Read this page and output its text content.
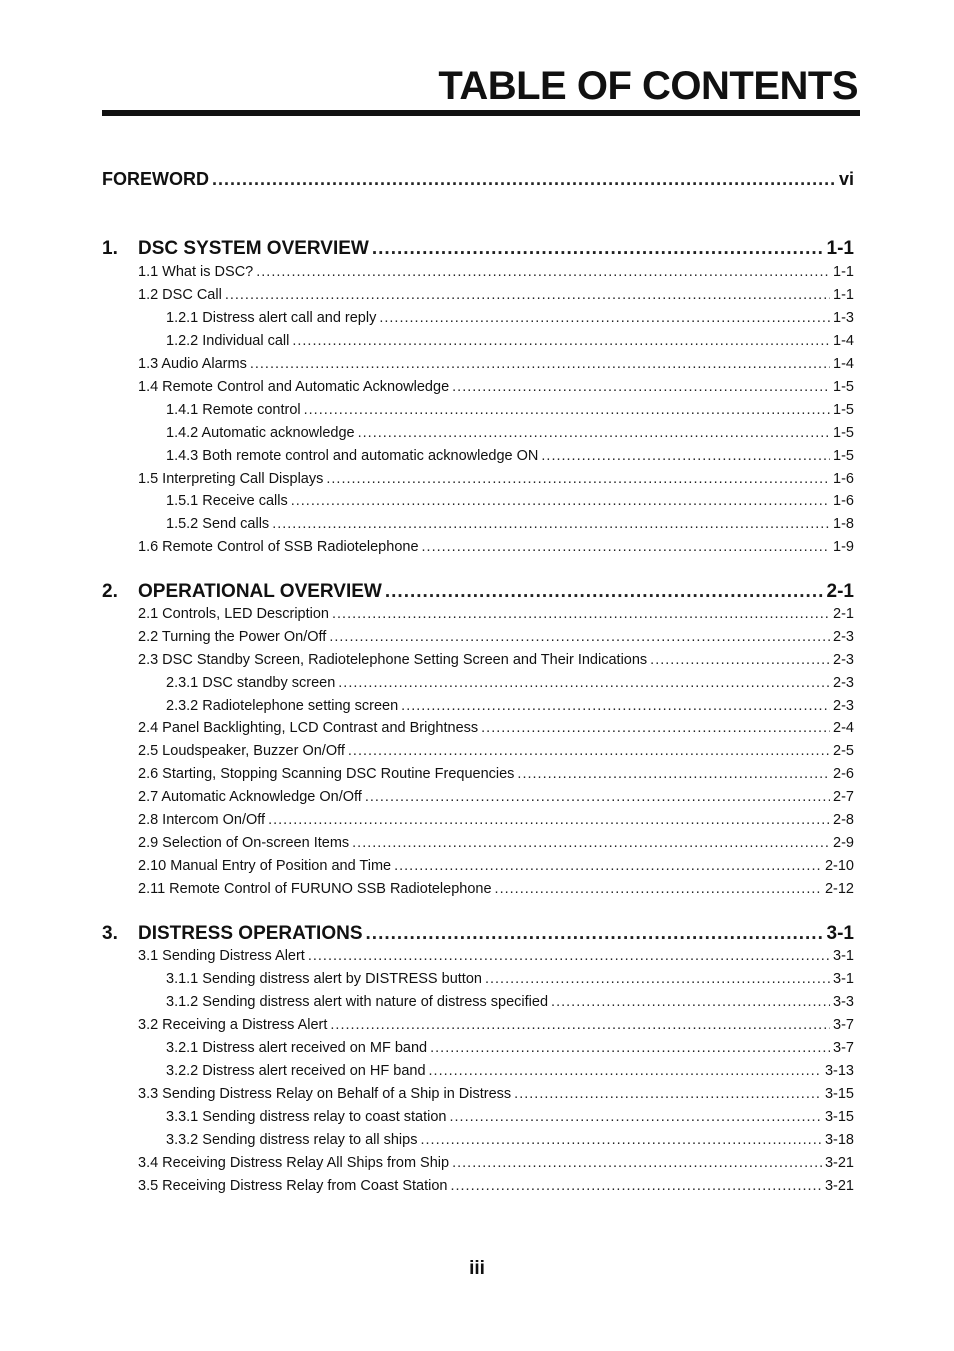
TABLE OF CONTENTS
FOREWORD .....	vi
1.	DSC SYSTEM OVERVIEW .....	1-1
1.1 What is DSC? .....	1-1
1.2 DSC Call .....	1-1
1.2.1 Distress alert call and reply .....	1-3
1.2.2 Individual call .....	1-4
1.3 Audio Alarms .....	1-4
1.4 Remote Control and Automatic Acknowledge .....	1-5
1.4.1 Remote control .....	1-5
1.4.2 Automatic acknowledge .....	1-5
1.4.3 Both remote control and automatic acknowledge ON .....	1-5
1.5 Interpreting Call Displays .....	1-6
1.5.1 Receive calls .....	1-6
1.5.2 Send calls .....	1-8
1.6 Remote Control of SSB Radiotelephone .....	1-9
2.	OPERATIONAL OVERVIEW .....	2-1
2.1 Controls, LED Description .....	2-1
2.2 Turning the Power On/Off .....	2-3
2.3 DSC Standby Screen, Radiotelephone Setting Screen and Their Indications .....	2-3
2.3.1 DSC standby screen .....	2-3
2.3.2 Radiotelephone setting screen .....	2-3
2.4 Panel Backlighting, LCD Contrast and Brightness .....	2-4
2.5 Loudspeaker, Buzzer On/Off .....	2-5
2.6 Starting, Stopping Scanning DSC Routine Frequencies .....	2-6
2.7 Automatic Acknowledge On/Off .....	2-7
2.8 Intercom On/Off .....	2-8
2.9 Selection of On-screen Items .....	2-9
2.10 Manual Entry of Position and Time .....	2-10
2.11 Remote Control of FURUNO SSB Radiotelephone .....	2-12
3.	DISTRESS OPERATIONS .....	3-1
3.1 Sending Distress Alert .....	3-1
3.1.1 Sending distress alert by DISTRESS button .....	3-1
3.1.2 Sending distress alert with nature of distress specified .....	3-3
3.2 Receiving a Distress Alert .....	3-7
3.2.1 Distress alert received on MF band .....	3-7
3.2.2 Distress alert received on HF band .....	3-13
3.3 Sending Distress Relay on Behalf of a Ship in Distress .....	3-15
3.3.1 Sending distress relay to coast station .....	3-15
3.3.2 Sending distress relay to all ships .....	3-18
3.4 Receiving Distress Relay All Ships from Ship .....	3-21
3.5 Receiving Distress Relay from Coast Station .....	3-21
iii
